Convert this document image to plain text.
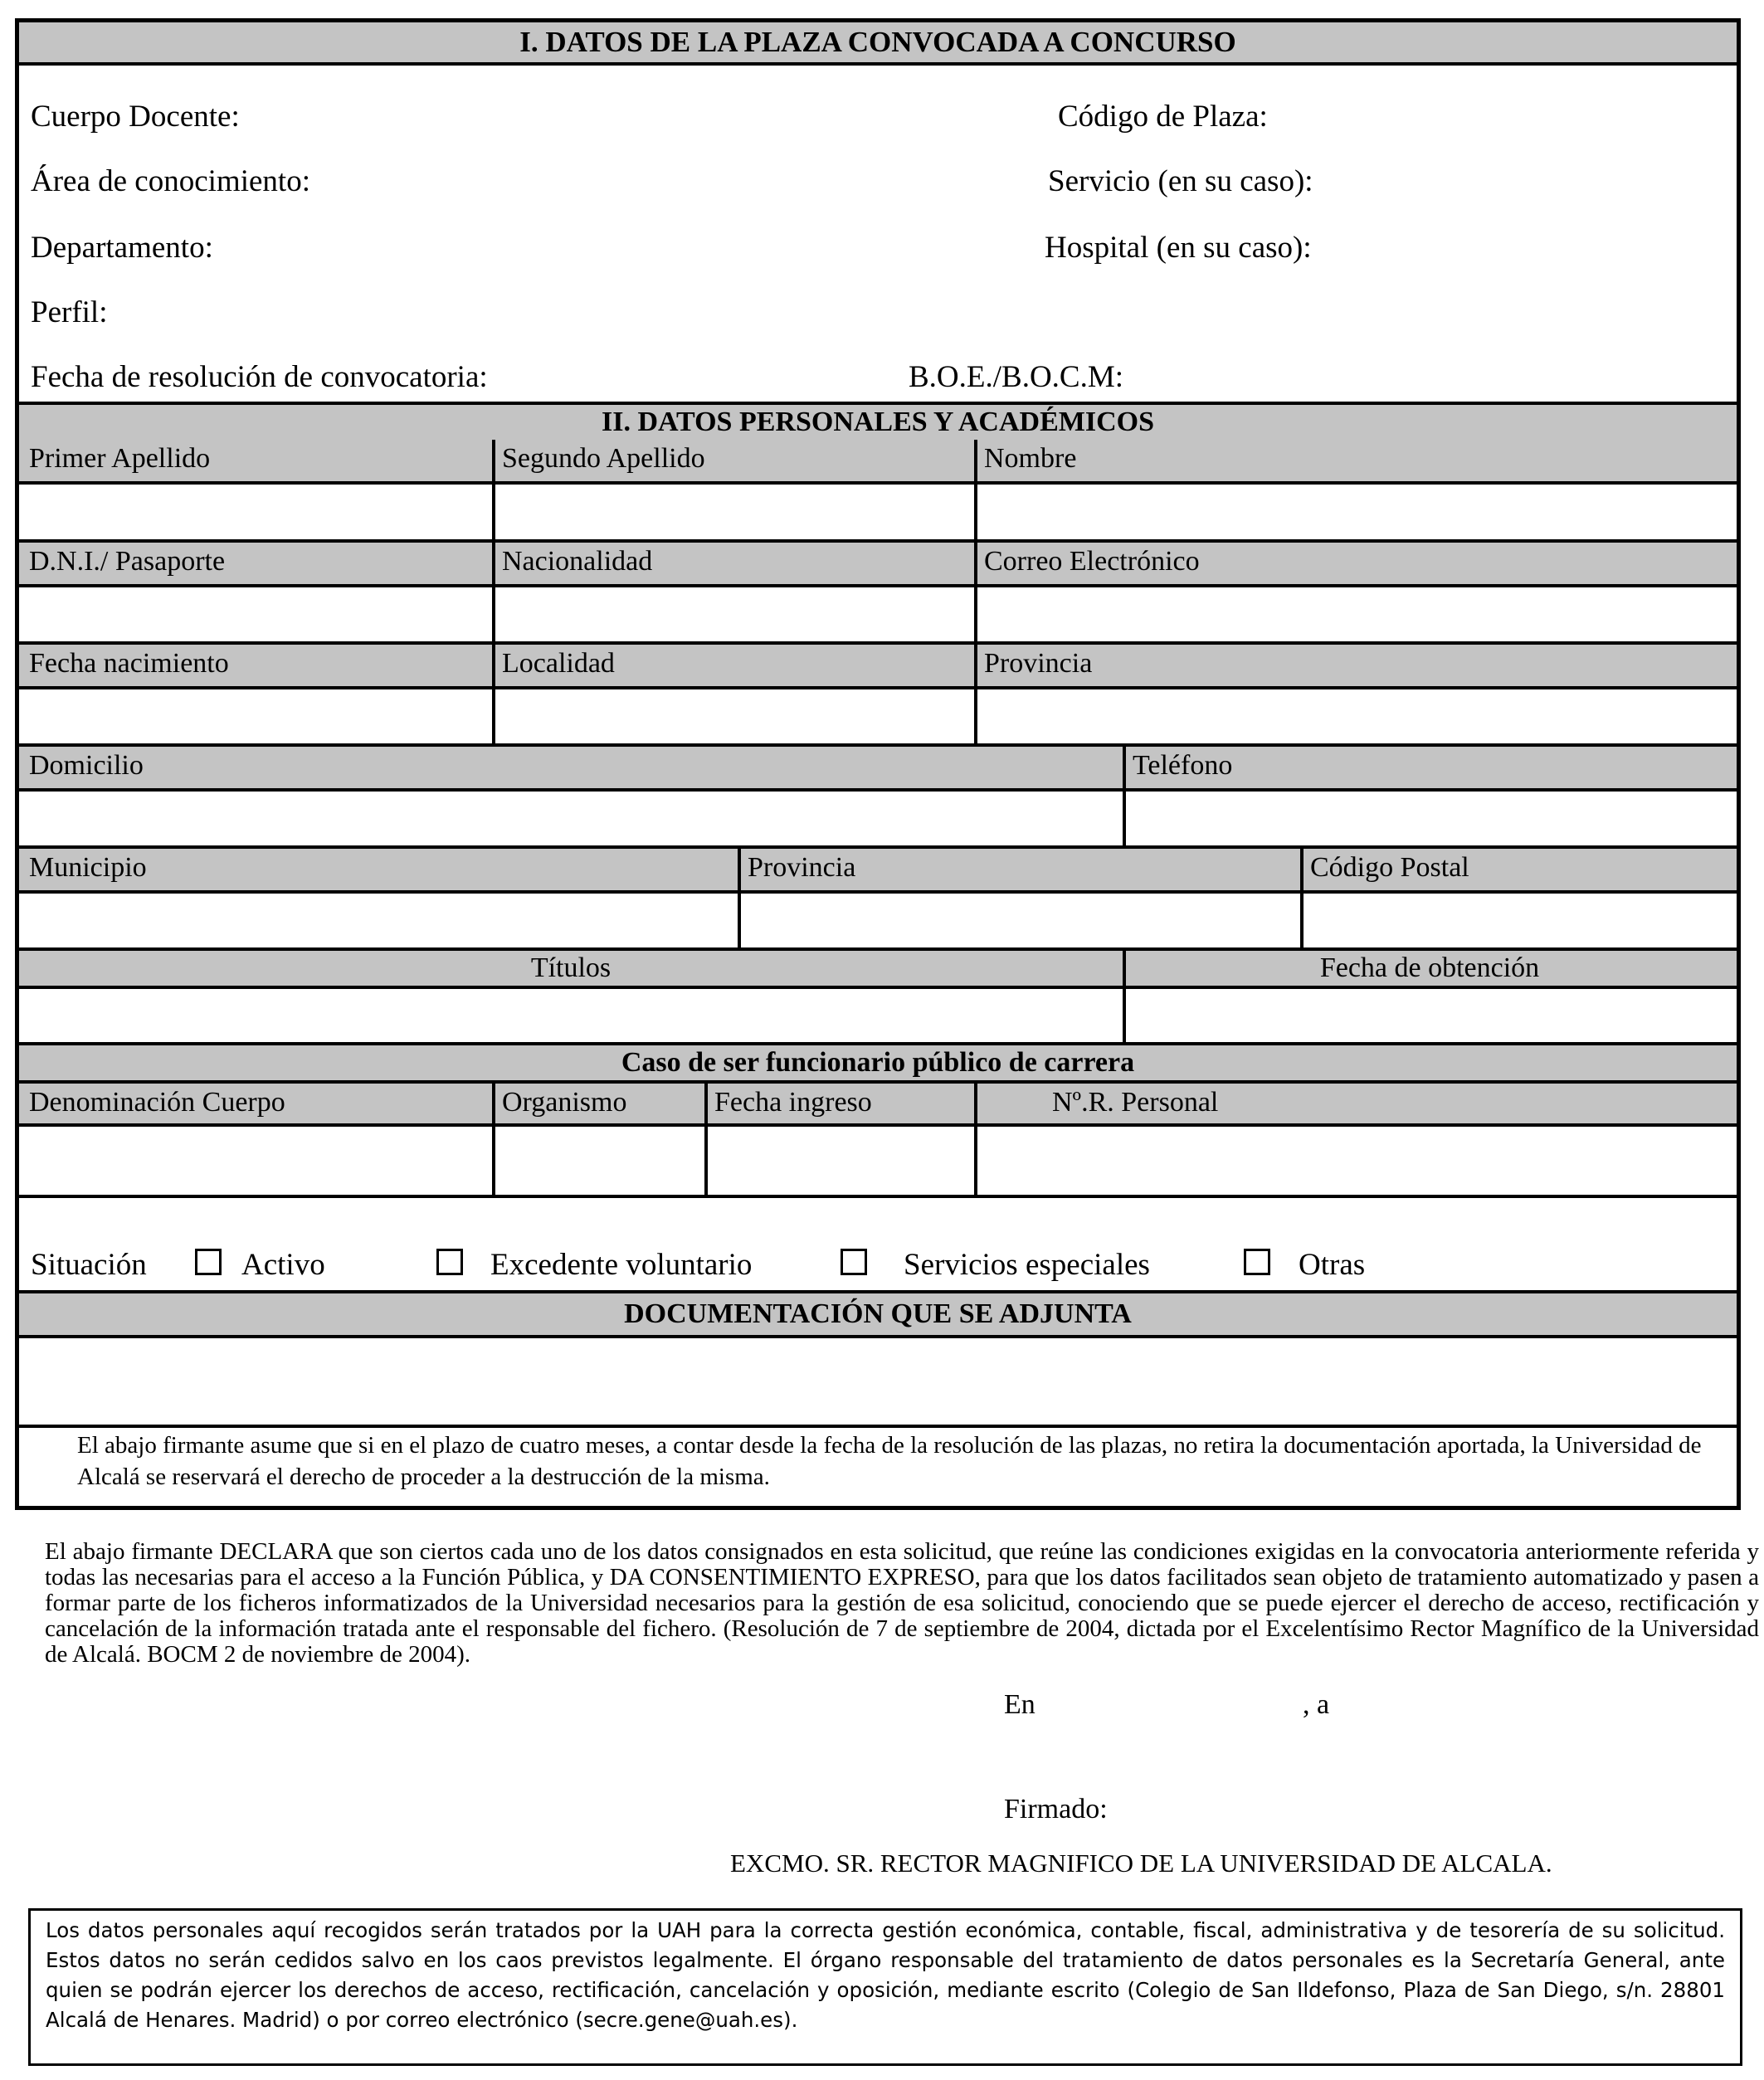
I. DATOS DE LA PLAZA CONVOCADA A CONCURSO
Cuerpo Docente:	Código de Plaza:
Área de conocimiento:	Servicio (en su caso):
Departamento:	Hospital (en su caso):
Perfil:
Fecha de resolución de convocatoria:	B.O.E./B.O.C.M:
II. DATOS PERSONALES Y ACADÉMICOS
Primer Apellido	Segundo Apellido	Nombre
D.N.I./ Pasaporte	Nacionalidad	Correo Electrónico
Fecha nacimiento	Localidad	Provincia
Domicilio	Teléfono
Municipio	Provincia	Código Postal
Títulos	Fecha de obtención
Caso de ser funcionario público de carrera
Denominación Cuerpo	Organismo	Fecha ingreso	Nº.R. Personal
Situación	Activo	Excedente voluntario	Servicios especiales	Otras
DOCUMENTACIÓN QUE SE ADJUNTA
El abajo firmante asume que si en el plazo de cuatro meses, a contar desde la fecha de la resolución de las plazas, no retira la documentación aportada, la Universidad de Alcalá se reservará el derecho de proceder a la destrucción de la misma.
El abajo firmante DECLARA que son ciertos cada uno de los datos consignados en esta solicitud, que reúne las condiciones exigidas en la convocatoria anteriormente referida y todas las necesarias para el acceso a la Función Pública, y DA CONSENTIMIENTO EXPRESO, para que los datos facilitados sean objeto de tratamiento automatizado y pasen a formar parte de los ficheros informatizados de la Universidad necesarios para la gestión de esa solicitud, conociendo que se puede ejercer el derecho de acceso, rectificación y cancelación de la información tratada ante el responsable del fichero. (Resolución de 7 de septiembre de 2004, dictada por el Excelentísimo Rector Magnífico de la Universidad de Alcalá. BOCM 2 de noviembre de 2004).
En	, a
Firmado:
EXCMO. SR. RECTOR MAGNIFICO DE LA UNIVERSIDAD DE ALCALA.
Los datos personales aquí recogidos serán tratados por la UAH para la correcta gestión económica, contable, fiscal, administrativa y de tesorería de su solicitud. Estos datos no serán cedidos salvo en los caos previstos legalmente. El órgano responsable del tratamiento de datos personales es la Secretaría General, ante quien se podrán ejercer los derechos de acceso, rectificación, cancelación y oposición, mediante escrito (Colegio de San Ildefonso, Plaza de San Diego, s/n. 28801 Alcalá de Henares. Madrid) o por correo electrónico (secre.gene@uah.es).
